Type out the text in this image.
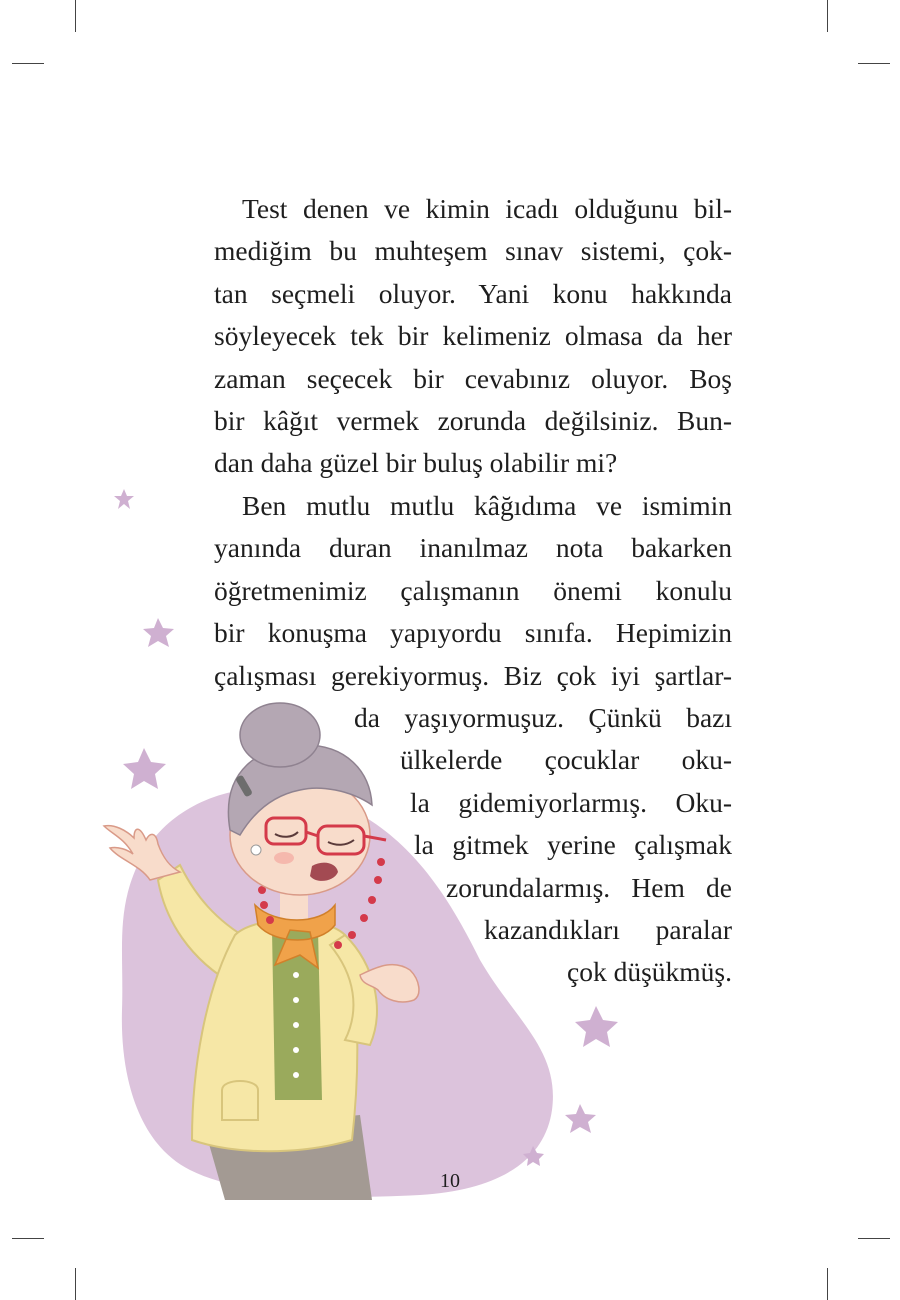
Test denen ve kimin icadı olduğunu bil-
mediğim bu muhteşem sınav sistemi, çok-
tan seçmeli oluyor. Yani konu hakkında
söyleyecek tek bir kelimeniz olmasa da her
zaman seçecek bir cevabınız oluyor. Boş
bir kâğıt vermek zorunda değilsiniz. Bun-
dan daha güzel bir buluş olabilir mi?
Ben mutlu mutlu kâğıdıma ve ismimin
yanında duran inanılmaz nota bakarken
öğretmenimiz çalışmanın önemi konulu
bir konuşma yapıyordu sınıfa. Hepimizin
çalışması gerekiyormuş. Biz çok iyi şartlar-
da yaşıyormuşuz. Çünkü bazı
ülkelerde çocuklar oku-
la gidemiyorlarmış. Oku-
la gitmek yerine çalışmak
zorundalarmış. Hem de
kazandıkları paralar
çok düşükmüş.
10
